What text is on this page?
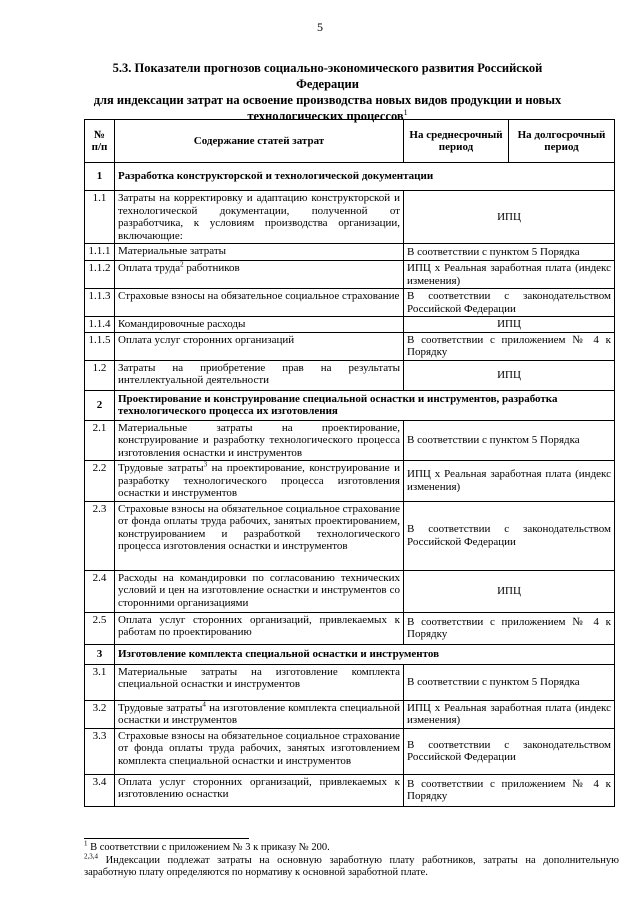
5
5.3. Показатели прогнозов социально-экономического развития Российской Федерации
для индексации затрат на освоение производства новых видов продукции и новых
технологических процессов$^1$
№ п/п	Содержание статей затрат	На среднесрочный период	На долгосрочный период
1	Разработка конструкторской и технологической документации		
1.1	Затраты на корректировку и адаптацию конструкторской и технологической документации, полученной от разработчика, к условиям производства организации, включающие:	ИПЦ	
1.1.1	Материальные затраты	В соответствии с пунктом 5 Порядка	
1.1.2	Оплата труда$^2$ работников	ИПЦ х Реальная заработная плата (индекс изменения)	
1.1.3	Страховые взносы на обязательное социальное страхование	В соответствии с законодательством Российской Федерации	
1.1.4	Командировочные расходы	ИПЦ	
1.1.5	Оплата услуг сторонних организаций	В соответствии с приложением № 4 к Порядку	
1.2	Затраты на приобретение прав на результаты интеллектуальной деятельности	ИПЦ	
2	Проектирование и конструирование специальной оснастки и инструментов, разработка технологического процесса их изготовления		
2.1	Материальные затраты на проектирование, конструирование и разработку технологического процесса изготовления оснастки и инструментов	В соответствии с пунктом 5 Порядка	
2.2	Трудовые затраты$^3$ на проектирование, конструирование и разработку технологического процесса изготовления оснастки и инструментов	ИПЦ х Реальная заработная плата (индекс изменения)	
2.3	Страховые взносы на обязательное социальное страхование от фонда оплаты труда рабочих, занятых проектированием, конструированием и разработкой технологического процесса изготовления оснастки и инструментов	В соответствии с законодательством Российской Федерации	
2.4	Расходы на командировки по согласованию технических условий и цен на изготовление оснастки и инструментов со сторонними организациями	ИПЦ	
2.5	Оплата услуг сторонних организаций, привлекаемых к работам по проектированию	В соответствии с приложением № 4 к Порядку	
3	Изготовление комплекта специальной оснастки и инструментов		
3.1	Материальные затраты на изготовление комплекта специальной оснастки и инструментов	В соответствии с пунктом 5 Порядка	
3.2	Трудовые затраты$^4$ на изготовление комплекта специальной оснастки и инструментов	ИПЦ х Реальная заработная плата (индекс изменения)	
3.3	Страховые взносы на обязательное социальное страхование от фонда оплаты труда рабочих, занятых изготовлением комплекта специальной оснастки и инструментов	В соответствии с законодательством Российской Федерации	
3.4	Оплата услуг сторонних организаций, привлекаемых к изготовлению оснастки	В соответствии с приложением № 4 к Порядку	
$^1$ В соответствии с приложением № 3 к приказу № 200.
$^{2,3,4}$ Индексации подлежат затраты на основную заработную плату работников, затраты на дополнительную заработную плату определяются по нормативу к основной заработной плате.
